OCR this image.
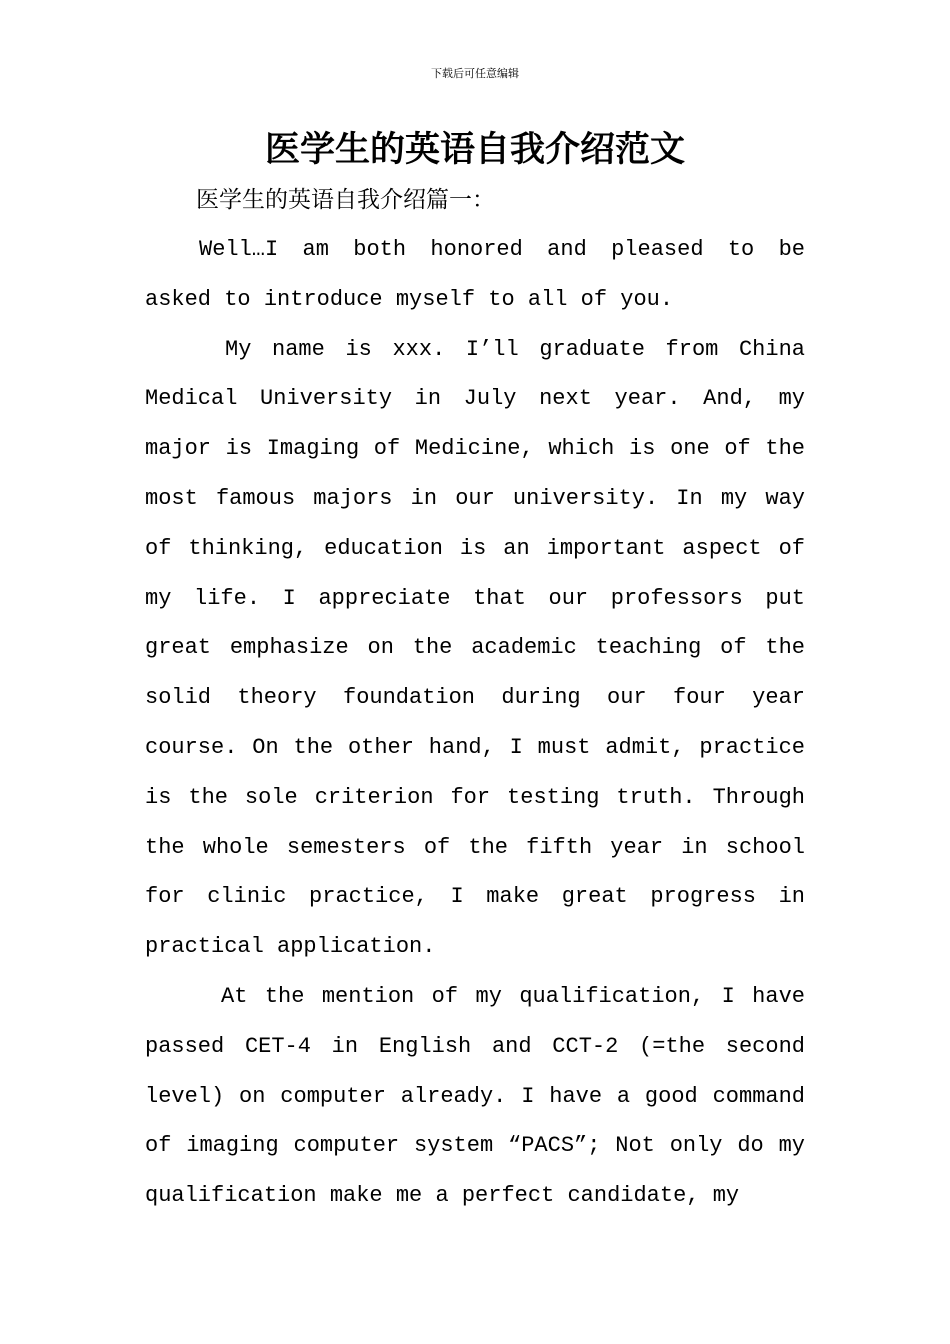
下载后可任意编辑
医学生的英语自我介绍范文
医学生的英语自我介绍篇一：

Well…I am both honored and pleased to be asked to introduce myself to all of you.

My name is xxx. I’ll graduate from China Medical University in July next year. And, my major is Imaging of Medicine, which is one of the most famous majors in our university. In my way of thinking, education is an important aspect of my life. I appreciate that our professors put great emphasize on the academic teaching of the solid theory foundation during our four year course. On the other hand, I must admit, practice is the sole criterion for testing truth. Through the whole semesters of the fifth year in school for clinic practice, I make great progress in practical application.

At the mention of my qualification, I have passed CET-4 in English and CCT-2 (=the second level) on computer already. I have a good command of imaging computer system “PACS”; Not only do my qualification make me a perfect candidate, my
